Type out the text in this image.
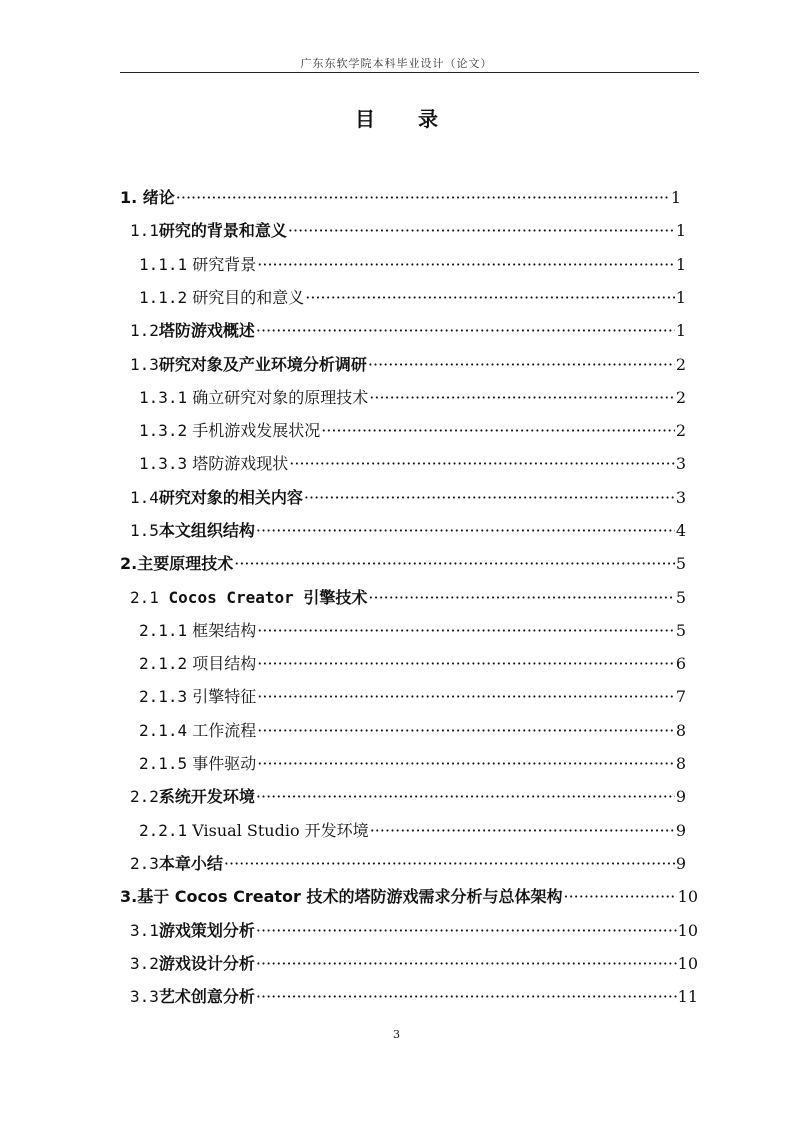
广东东软学院本科毕业设计（论文）
目 录
1. 绪论 ·····	1
1.1研究的背景和意义 ·····	1
1.1.1 研究背景 ·····	1
1.1.2 研究目的和意义 ·····	1
1.2塔防游戏概述 ·····	1
1.3研究对象及产业环境分析调研 ·····	2
1.3.1 确立研究对象的原理技术 ·····	2
1.3.2 手机游戏发展状况 ·····	2
1.3.3 塔防游戏现状 ·····	3
1.4研究对象的相关内容 ·····	3
1.5本文组织结构 ·····	4
2.主要原理技术 ·····	5
2.1 Cocos Creator 引擎技术 ·····	5
2.1.1 框架结构 ·····	5
2.1.2 项目结构 ·····	6
2.1.3 引擎特征 ·····	7
2.1.4 工作流程 ·····	8
2.1.5 事件驱动 ·····	8
2.2系统开发环境 ·····	9
2.2.1 Visual Studio 开发环境 ·····	9
2.3本章小结 ·····	9
3.基于 Cocos Creator 技术的塔防游戏需求分析与总体架构 ·····	10
3.1游戏策划分析 ·····	10
3.2游戏设计分析 ·····	10
3.3艺术创意分析 ·····	11
3
